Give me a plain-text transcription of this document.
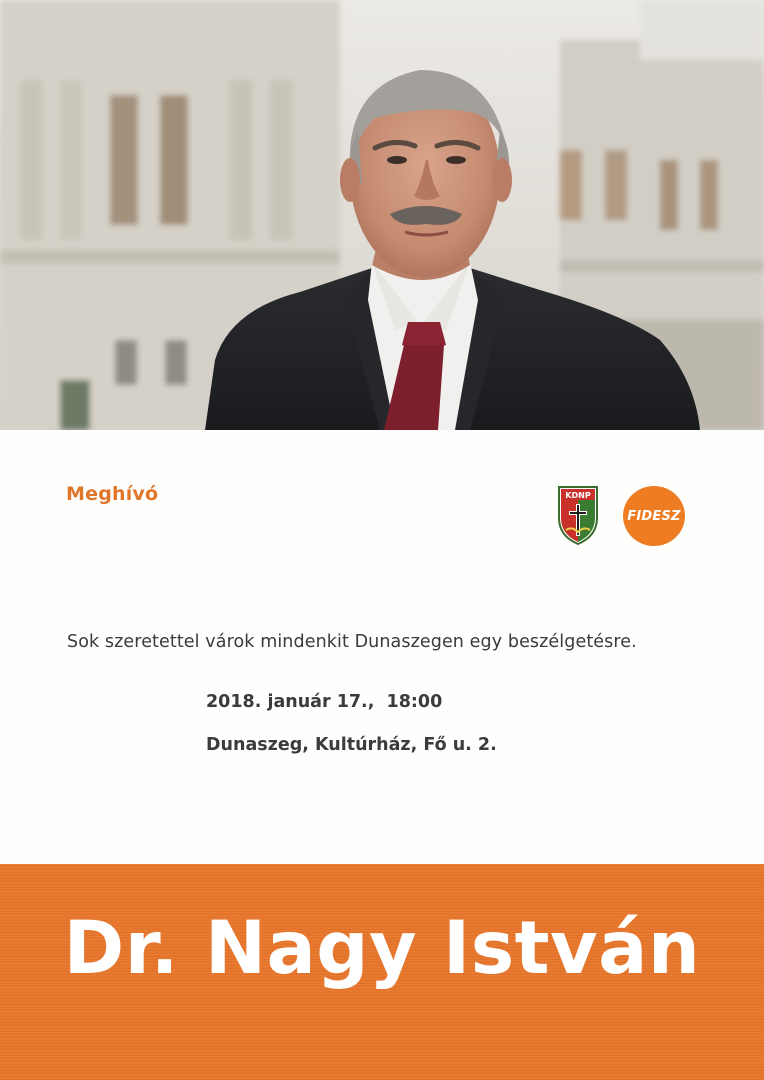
Meghívó	KDNP
FIDESZ
Sok szeretettel várok mindenkit Dunaszegen egy beszélgetésre.
2018. január 17.,  18:00
Dunaszeg, Kultúrház, Fő u. 2.
Dr. Nagy István
